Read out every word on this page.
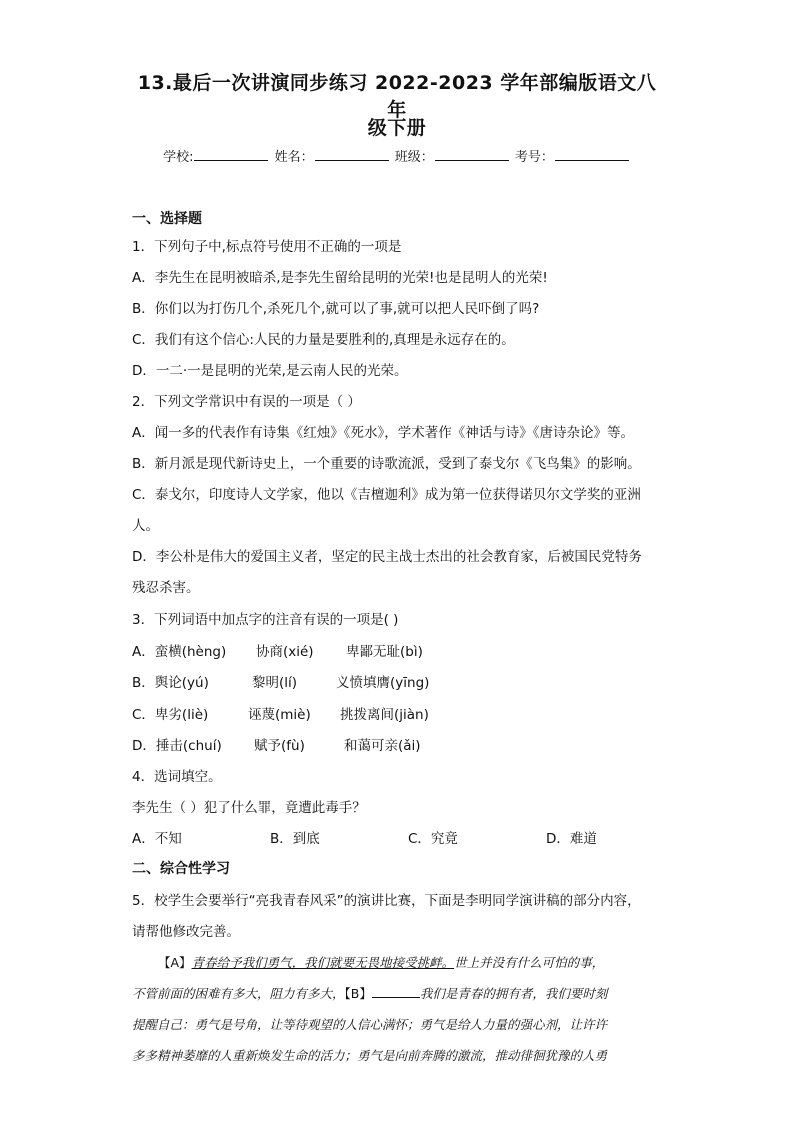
13.最后一次讲演同步练习 2022-2023 学年部编版语文八年
级下册
学校:	姓名：	班级：	考号：
一、选择题
1．下列句子中,标点符号使用不正确的一项是
A．李先生在昆明被暗杀,是李先生留给昆明的光荣!也是昆明人的光荣!
B．你们以为打伤几个,杀死几个,就可以了事,就可以把人民吓倒了吗?
C．我们有这个信心:人民的力量是要胜利的,真理是永远存在的。
D．一二·一是昆明的光荣,是云南人民的光荣。
2．下列文学常识中有误的一项是（ ）
A．闻一多的代表作有诗集《红烛》《死水》，学术著作《神话与诗》《唐诗杂论》等。
B．新月派是现代新诗史上，一个重要的诗歌流派，受到了泰戈尔《飞鸟集》的影响。
C．泰戈尔，印度诗人文学家，他以《吉檀迦利》成为第一位获得诺贝尔文学奖的亚洲
人。
D．李公朴是伟大的爱国主义者，坚定的民主战士杰出的社会教育家，后被国民党特务
残忍杀害。
3．下列词语中加点字的注音有误的一项是( )
A．蛮横(hèng) 协商(xié) 卑鄙无耻(bì)
B．舆论(yú)	黎明(lí)	义愤填膺(yīng)
C．卑劣(liè)	诬蔑(miè) 挑拨离间(jiàn)
D．捶击(chuí) 赋予(fù)	和蔼可亲(ǎi)
4．选词填空。
李先生（ ）犯了什么罪，竟遭此毒手？
A．不知	B．到底	C．究竟	D．难道
二、综合性学习
5．校学生会要举行“亮我青春风采”的演讲比赛，下面是李明同学演讲稿的部分内容，
请帮他修改完善。
【A】青春给予我们勇气，我们就要无畏地接受挑衅。世上并没有什么可怕的事，
不管前面的困难有多大，阻力有多大，【B】	我们是青春的拥有者，我们要时刻
提醒自己：勇气是号角，让等待观望的人信心满怀；勇气是给人力量的强心剂，让许许
多多精神萎靡的人重新焕发生命的活力；勇气是向前奔腾的激流，推动徘徊犹豫的人勇
